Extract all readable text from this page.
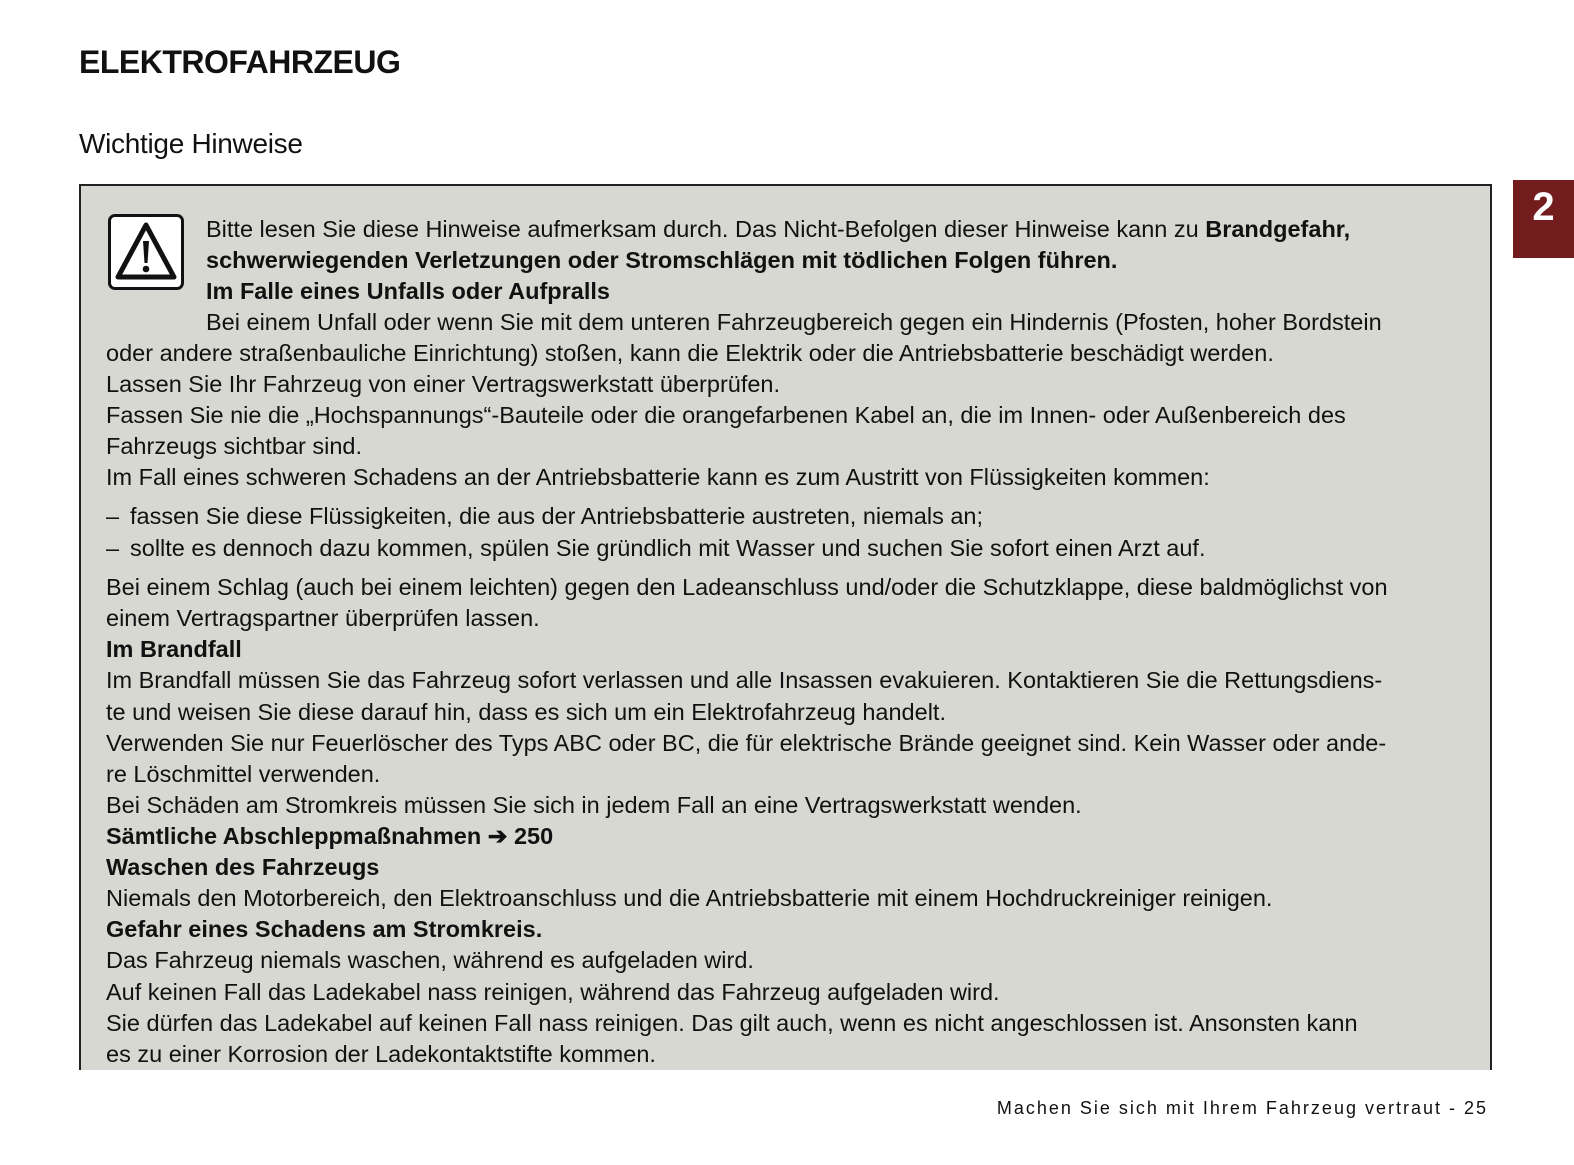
ELEKTROFAHRZEUG
Wichtige Hinweise
2
Bitte lesen Sie diese Hinweise aufmerksam durch. Das Nicht-Befolgen dieser Hinweise kann zu Brandgefahr,
schwerwiegenden Verletzungen oder Stromschlägen mit tödlichen Folgen führen.
Im Falle eines Unfalls oder Aufpralls
Bei einem Unfall oder wenn Sie mit dem unteren Fahrzeugbereich gegen ein Hindernis (Pfosten, hoher Bordstein
oder andere straßenbauliche Einrichtung) stoßen, kann die Elektrik oder die Antriebsbatterie beschädigt werden.
Lassen Sie Ihr Fahrzeug von einer Vertragswerkstatt überprüfen.
Fassen Sie nie die „Hochspannungs“-Bauteile oder die orangefarbenen Kabel an, die im Innen- oder Außenbereich des
Fahrzeugs sichtbar sind.
Im Fall eines schweren Schadens an der Antriebsbatterie kann es zum Austritt von Flüssigkeiten kommen:
– fassen Sie diese Flüssigkeiten, die aus der Antriebsbatterie austreten, niemals an;
– sollte es dennoch dazu kommen, spülen Sie gründlich mit Wasser und suchen Sie sofort einen Arzt auf.
Bei einem Schlag (auch bei einem leichten) gegen den Ladeanschluss und/oder die Schutzklappe, diese baldmöglichst von
einem Vertragspartner überprüfen lassen.
Im Brandfall
Im Brandfall müssen Sie das Fahrzeug sofort verlassen und alle Insassen evakuieren. Kontaktieren Sie die Rettungsdiens-
te und weisen Sie diese darauf hin, dass es sich um ein Elektrofahrzeug handelt.
Verwenden Sie nur Feuerlöscher des Typs ABC oder BC, die für elektrische Brände geeignet sind. Kein Wasser oder ande-
re Löschmittel verwenden.
Bei Schäden am Stromkreis müssen Sie sich in jedem Fall an eine Vertragswerkstatt wenden.
Sämtliche Abschleppmaßnahmen ➔ 250
Waschen des Fahrzeugs
Niemals den Motorbereich, den Elektroanschluss und die Antriebsbatterie mit einem Hochdruckreiniger reinigen.
Gefahr eines Schadens am Stromkreis.
Das Fahrzeug niemals waschen, während es aufgeladen wird.
Auf keinen Fall das Ladekabel nass reinigen, während das Fahrzeug aufgeladen wird.
Sie dürfen das Ladekabel auf keinen Fall nass reinigen. Das gilt auch, wenn es nicht angeschlossen ist. Ansonsten kann
es zu einer Korrosion der Ladekontaktstifte kommen.
Machen Sie sich mit Ihrem Fahrzeug vertraut - 25
